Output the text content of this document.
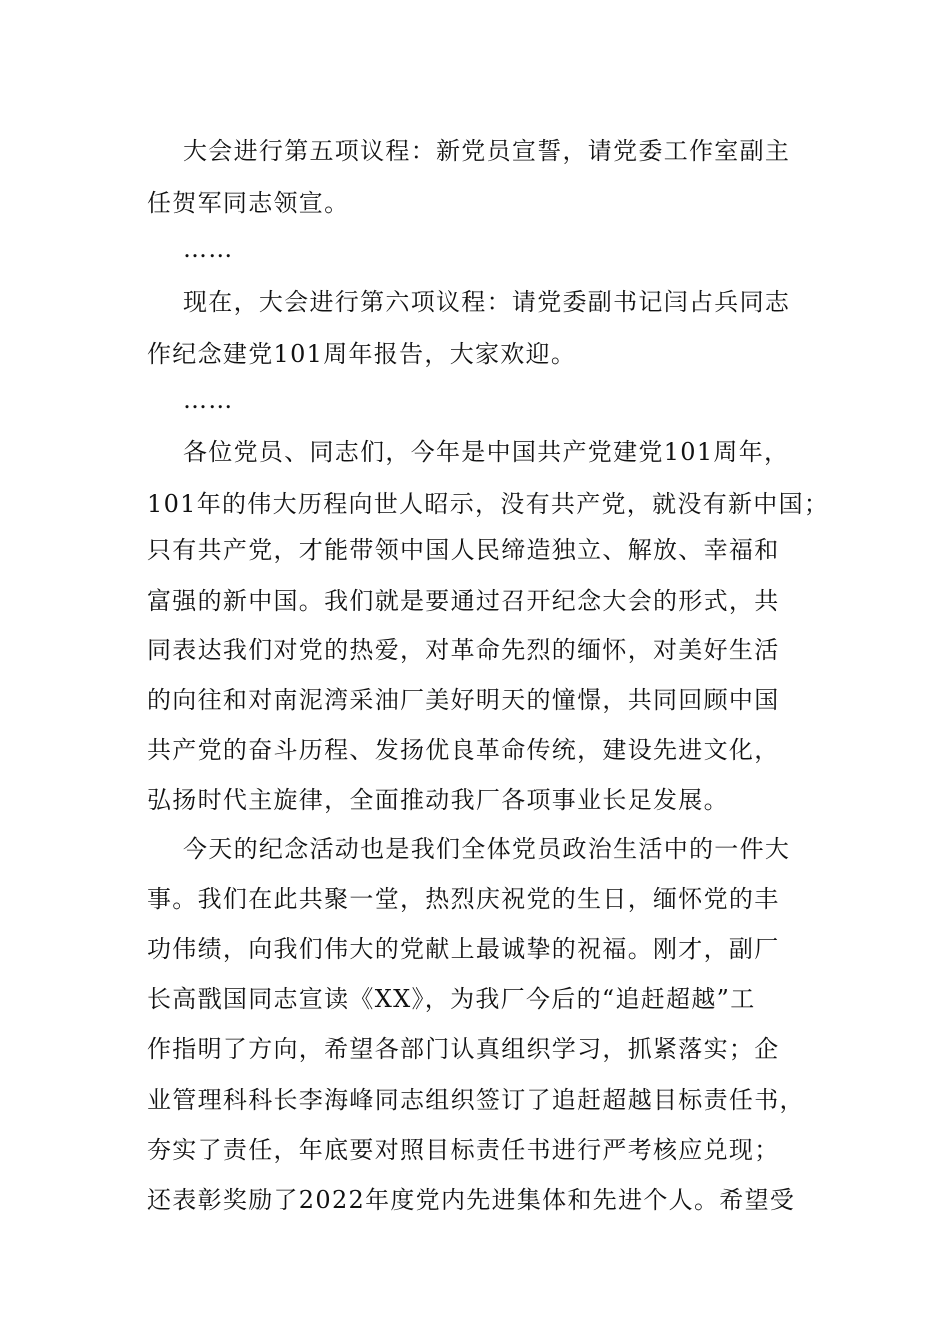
大会进行第五项议程：新党员宣誓，请党委工作室副主

任贺军同志领宣。

……

现在，大会进行第六项议程：请党委副书记闫占兵同志

作纪念建党101周年报告，大家欢迎。

……

各位党员、同志们，今年是中国共产党建党101周年，

101年的伟大历程向世人昭示，没有共产党，就没有新中国；

只有共产党，才能带领中国人民缔造独立、解放、幸福和

富强的新中国。我们就是要通过召开纪念大会的形式，共

同表达我们对党的热爱，对革命先烈的缅怀，对美好生活

的向往和对南泥湾采油厂美好明天的憧憬，共同回顾中国

共产党的奋斗历程、发扬优良革命传统，建设先进文化，

弘扬时代主旋律，全面推动我厂各项事业长足发展。

今天的纪念活动也是我们全体党员政治生活中的一件大

事。我们在此共聚一堂，热烈庆祝党的生日，缅怀党的丰

功伟绩，向我们伟大的党献上最诚挚的祝福。刚才，副厂

长高戬国同志宣读《XX》，为我厂今后的“追赶超越”工

作指明了方向，希望各部门认真组织学习，抓紧落实；企

业管理科科长李海峰同志组织签订了追赶超越目标责任书，

夯实了责任，年底要对照目标责任书进行严考核应兑现；

还表彰奖励了2022年度党内先进集体和先进个人。希望受
